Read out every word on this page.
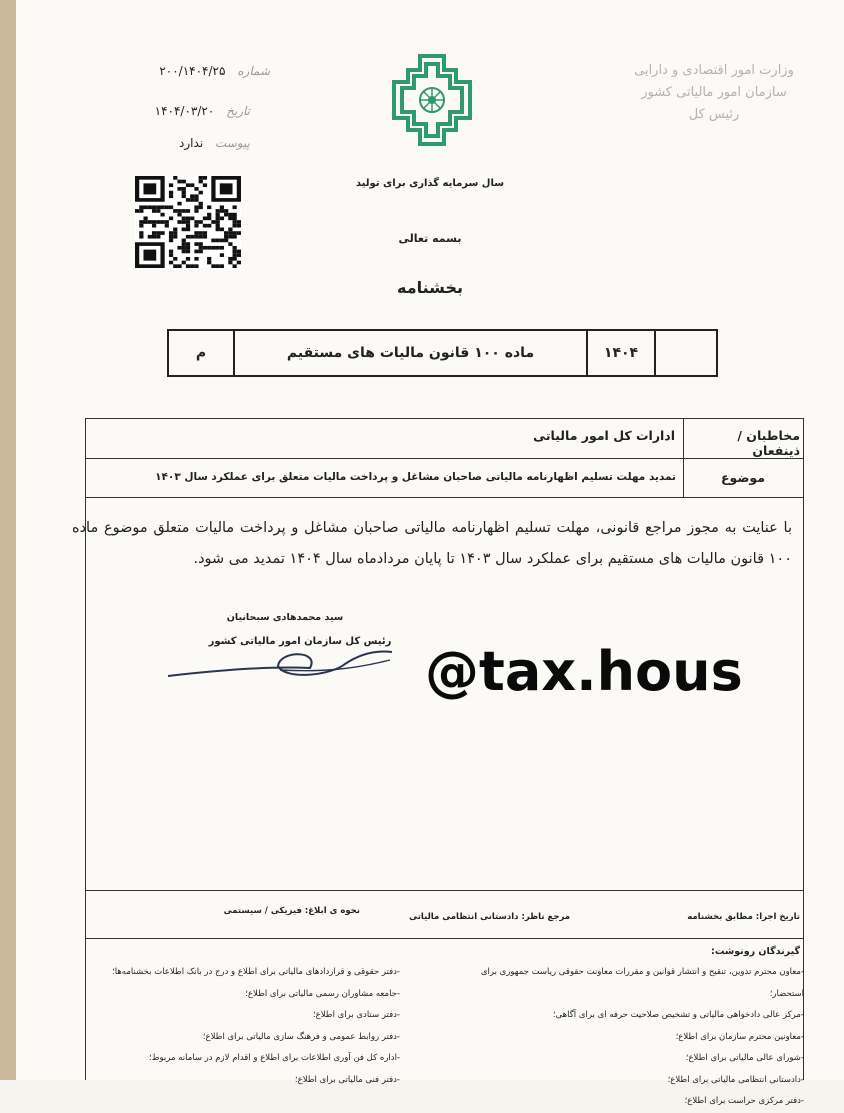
شماره ۲۰۰/۱۴۰۴/۲۵
تاریخ ۱۴۰۴/۰۳/۲۰
پیوست ندارد
وزارت امور اقتصادی و دارایی
سازمان امور مالیاتی کشور
رئیس کل
سال سرمایه گذاری برای تولید
بسمه تعالی
بخشنامه
	۱۴۰۴	ماده ۱۰۰ قانون مالیات های مستقیم	م
مخاطبان / ذینفعان
ادارات کل امور مالیاتی
موضوع
تمدید مهلت تسلیم اظهارنامه مالیاتی صاحبان مشاغل و پرداخت مالیات متعلق برای عملکرد سال ۱۴۰۳
با عنایت به مجوز مراجع قانونی، مهلت تسلیم اظهارنامه مالیاتی صاحبان مشاغل و پرداخت مالیات متعلق موضوع ماده ۱۰۰ قانون مالیات های مستقیم برای عملکرد سال ۱۴۰۳ تا پایان مردادماه سال ۱۴۰۴ تمدید می شود.
سید محمدهادی سبحانیان
رئیس کل سازمان امور مالیاتی کشور @tax.hous
تاریخ اجرا: مطابق بخشنامه
مرجع ناظر: دادستانی انتظامی مالیاتی
نحوه ی ابلاغ: فیزیکی / سیستمی
گیرندگان رونوشت:
-معاون محترم تدوین، تنقیح و انتشار قوانین و مقررات معاونت حقوقی ریاست جمهوری برای استحضار؛
-مرکز عالی دادخواهی مالیاتی و تشخیص صلاحیت حرفه ای برای آگاهی؛
-معاونین محترم سازمان برای اطلاع؛
-شورای عالی مالیاتی برای اطلاع؛
-دادستانی انتظامی مالیاتی برای اطلاع؛
-دفتر مرکزی حراست برای اطلاع؛
-دفتر حقوقی و قراردادهای مالیاتی برای اطلاع و درج در بانک اطلاعات بخشنامه‌ها؛
-جامعه مشاوران رسمی مالیاتی برای اطلاع؛
-دفتر ستادی برای اطلاع؛
-دفتر روابط عمومی و فرهنگ سازی مالیاتی برای اطلاع؛
-اداره کل فن آوری اطلاعات برای اطلاع و اقدام لازم در سامانه مربوط؛
-دفتر فنی مالیاتی برای اطلاع؛
